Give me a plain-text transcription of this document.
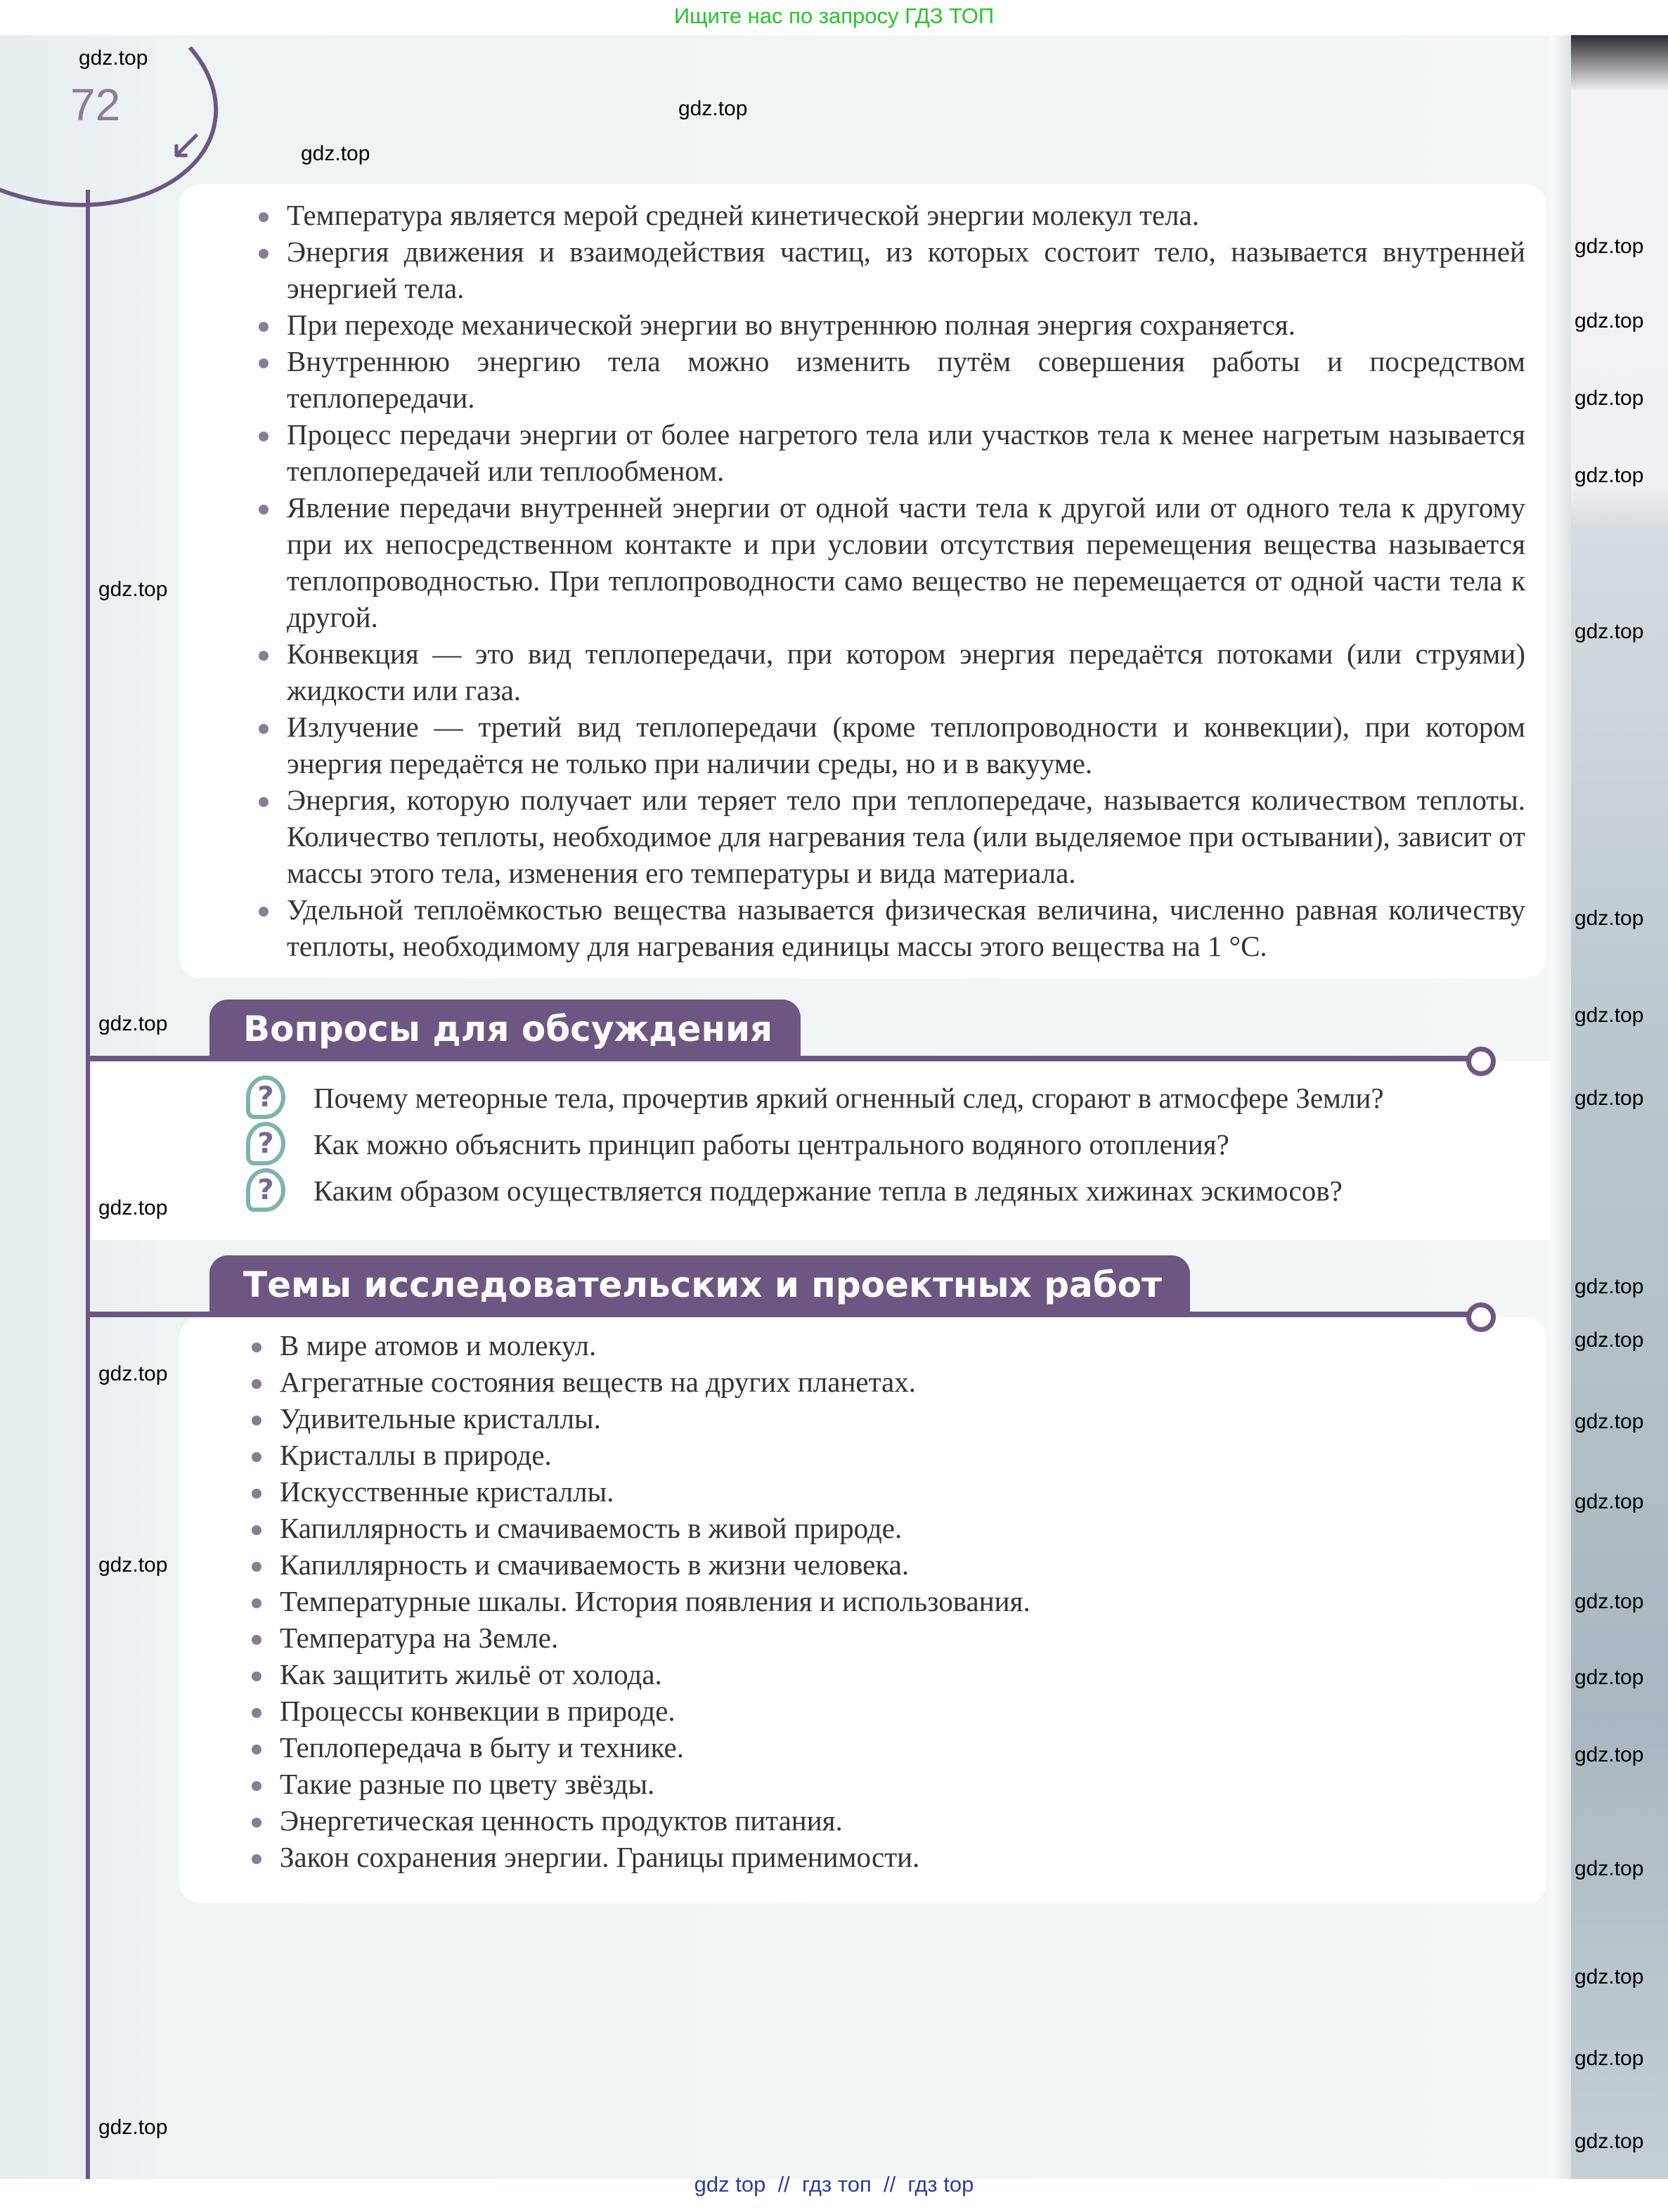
Ищите нас по запросу ГДЗ ТОП
↙
72
Температура является мерой средней кинетической энергии молекул тела.
Энергия движения и взаимодействия частиц, из которых состоит тело, называется внутренней энергией тела.
При переходе механической энергии во внутреннюю полная энергия сохраняется.
Внутреннюю энергию тела можно изменить путём совершения работы и посредством теплопередачи.
Процесс передачи энергии от более нагретого тела или участков тела к менее нагретым называется теплопередачей или теплообменом.
Явление передачи внутренней энергии от одной части тела к другой или от одного тела к другому при их непосредственном контакте и при условии отсутствия перемещения вещества называется теплопроводностью. При теплопроводности само вещество не перемещается от одной части тела к другой.
Конвекция — это вид теплопередачи, при котором энергия передаётся потоками (или струями) жидкости или газа.
Излучение — третий вид теплопередачи (кроме теплопроводности и конвекции), при котором энергия передаётся не только при наличии среды, но и в вакууме.
Энергия, которую получает или теряет тело при теплопередаче, называется количеством теплоты. Количество теплоты, необходимое для нагревания тела (или выделяемое при остывании), зависит от массы этого тела, изменения его температуры и вида материала.
Удельной теплоёмкостью вещества называется физическая величина, численно равная количеству теплоты, необходимому для нагревания единицы массы этого вещества на 1 °С.
Вопросы для обсуждения
?	Почему метеорные тела, прочертив яркий огненный след, сгорают в атмосфере Земли?
?	Как можно объяснить принцип работы центрального водяного отопления?
?	Каким образом осуществляется поддержание тепла в ледяных хижинах эскимосов?
Темы исследовательских и проектных работ
В мире атомов и молекул.
Агрегатные состояния веществ на других планетах.
Удивительные кристаллы.
Кристаллы в природе.
Искусственные кристаллы.
Капиллярность и смачиваемость в живой природе.
Капиллярность и смачиваемость в жизни человека.
Температурные шкалы. История появления и использования.
Температура на Земле.
Как защитить жильё от холода.
Процессы конвекции в природе.
Теплопередача в быту и технике.
Такие разные по цвету звёзды.
Энергетическая ценность продуктов питания.
Закон сохранения энергии. Границы применимости.
gdz.top
gdz.top
gdz.top
gdz.top
gdz.top
gdz.top
gdz.top
gdz.top
gdz.top
gdz.top
gdz.top
gdz.top
gdz.top
gdz.top
gdz.top
gdz.top
gdz.top
gdz.top
gdz.top
gdz.top
gdz.top
gdz.top
gdz.top
gdz.top
gdz.top
gdz.top
gdz.top
gdz.top
gdz top  //  гдз топ  //  гдз top
